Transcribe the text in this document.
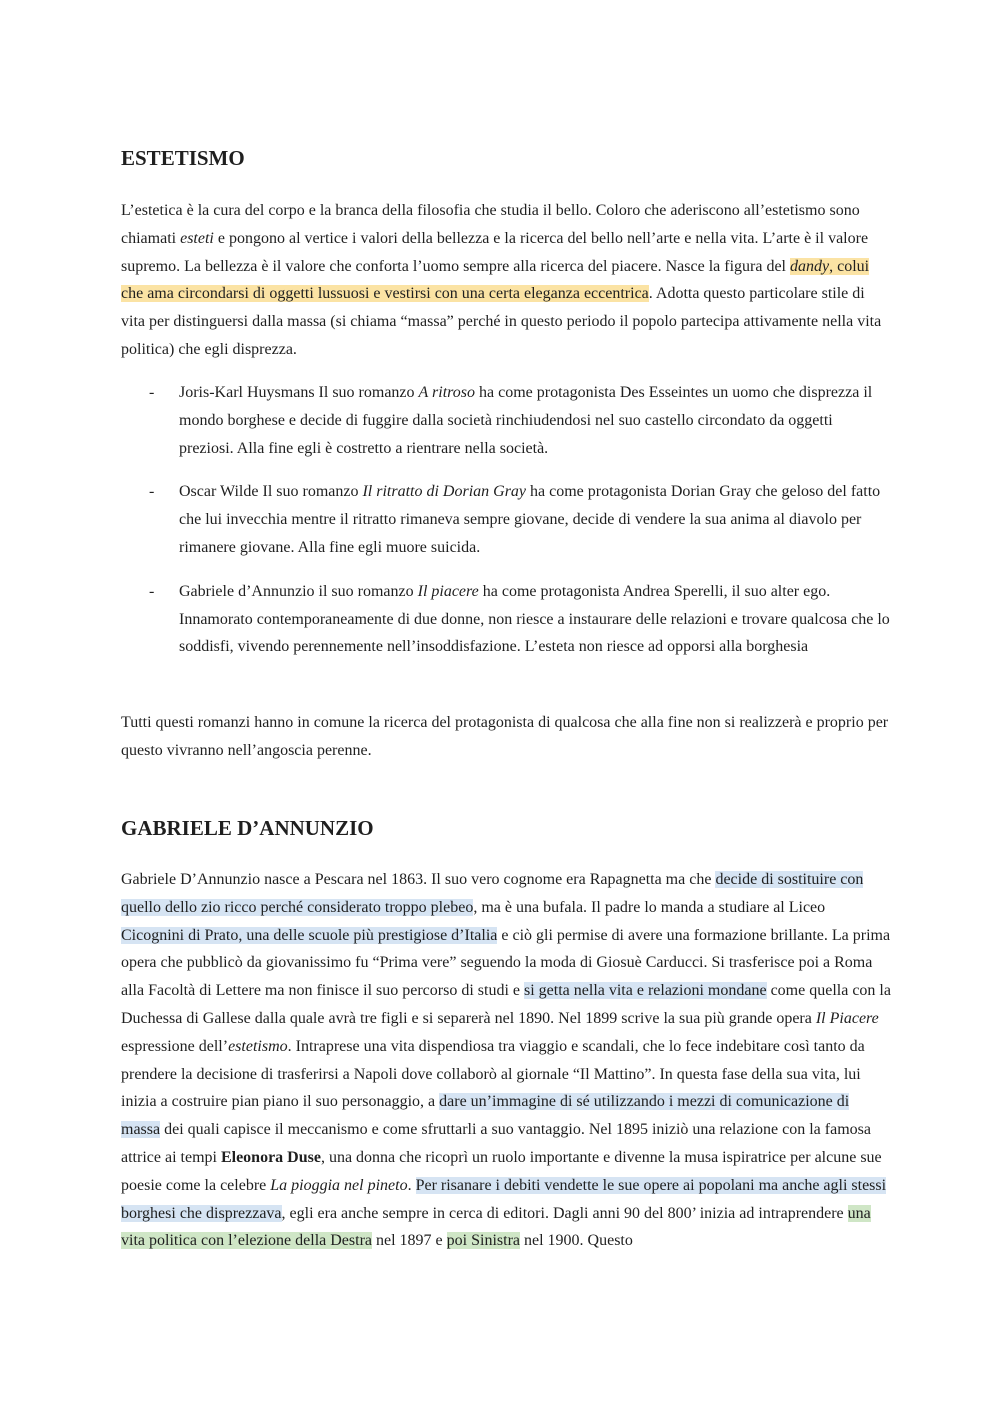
ESTETISMO

L’estetica è la cura del corpo e la branca della filosofia che studia il bello. Coloro che aderiscono all’estetismo sono chiamati esteti e pongono al vertice i valori della bellezza e la ricerca del bello nell’arte e nella vita. L’arte è il valore supremo. La bellezza è il valore che conforta l’uomo sempre alla ricerca del piacere. Nasce la figura del dandy, colui che ama circondarsi di oggetti lussuosi e vestirsi con una certa eleganza eccentrica. Adotta questo particolare stile di vita per distinguersi dalla massa (si chiama “massa” perché in questo periodo il popolo partecipa attivamente nella vita politica) che egli disprezza.

- Joris-Karl Huysmans Il suo romanzo A ritroso ha come protagonista Des Esseintes un uomo che disprezza il mondo borghese e decide di fuggire dalla società rinchiudendosi nel suo castello circondato da oggetti preziosi. Alla fine egli è costretto a rientrare nella società.
- Oscar Wilde Il suo romanzo Il ritratto di Dorian Gray ha come protagonista Dorian Gray che geloso del fatto che lui invecchia mentre il ritratto rimaneva sempre giovane, decide di vendere la sua anima al diavolo per rimanere giovane. Alla fine egli muore suicida.
- Gabriele d’Annunzio il suo romanzo Il piacere ha come protagonista Andrea Sperelli, il suo alter ego. Innamorato contemporaneamente di due donne, non riesce a instaurare delle relazioni e trovare qualcosa che lo soddisfi, vivendo perennemente nell’insoddisfazione. L’esteta non riesce ad opporsi alla borghesia

Tutti questi romanzi hanno in comune la ricerca del protagonista di qualcosa che alla fine non si realizzerà e proprio per questo vivranno nell’angoscia perenne.

GABRIELE D’ANNUNZIO

Gabriele D’Annunzio nasce a Pescara nel 1863. Il suo vero cognome era Rapagnetta ma che decide di sostituire con quello dello zio ricco perché considerato troppo plebeo, ma è una bufala. Il padre lo manda a studiare al Liceo Cicognini di Prato, una delle scuole più prestigiose d’Italia e ciò gli permise di avere una formazione brillante. La prima opera che pubblicò da giovanissimo fu “Prima vere” seguendo la moda di Giosuè Carducci. Si trasferisce poi a Roma alla Facoltà di Lettere ma non finisce il suo percorso di studi e si getta nella vita e relazioni mondane come quella con la Duchessa di Gallese dalla quale avrà tre figli e si separerà nel 1890. Nel 1899 scrive la sua più grande opera Il Piacere espressione dell’estetismo. Intraprese una vita dispendiosa tra viaggio e scandali, che lo fece indebitare così tanto da prendere la decisione di trasferirsi a Napoli dove collaborò al giornale “Il Mattino”. In questa fase della sua vita, lui inizia a costruire pian piano il suo personaggio, a dare un’immagine di sé utilizzando i mezzi di comunicazione di massa dei quali capisce il meccanismo e come sfruttarli a suo vantaggio. Nel 1895 iniziò una relazione con la famosa attrice ai tempi Eleonora Duse, una donna che ricoprì un ruolo importante e divenne la musa ispiratrice per alcune sue poesie come la celebre La pioggia nel pineto. Per risanare i debiti vendette le sue opere ai popolani ma anche agli stessi borghesi che disprezzava, egli era anche sempre in cerca di editori. Dagli anni 90 del 800’ inizia ad intraprendere una vita politica con l’elezione della Destra nel 1897 e poi Sinistra nel 1900. Questo
